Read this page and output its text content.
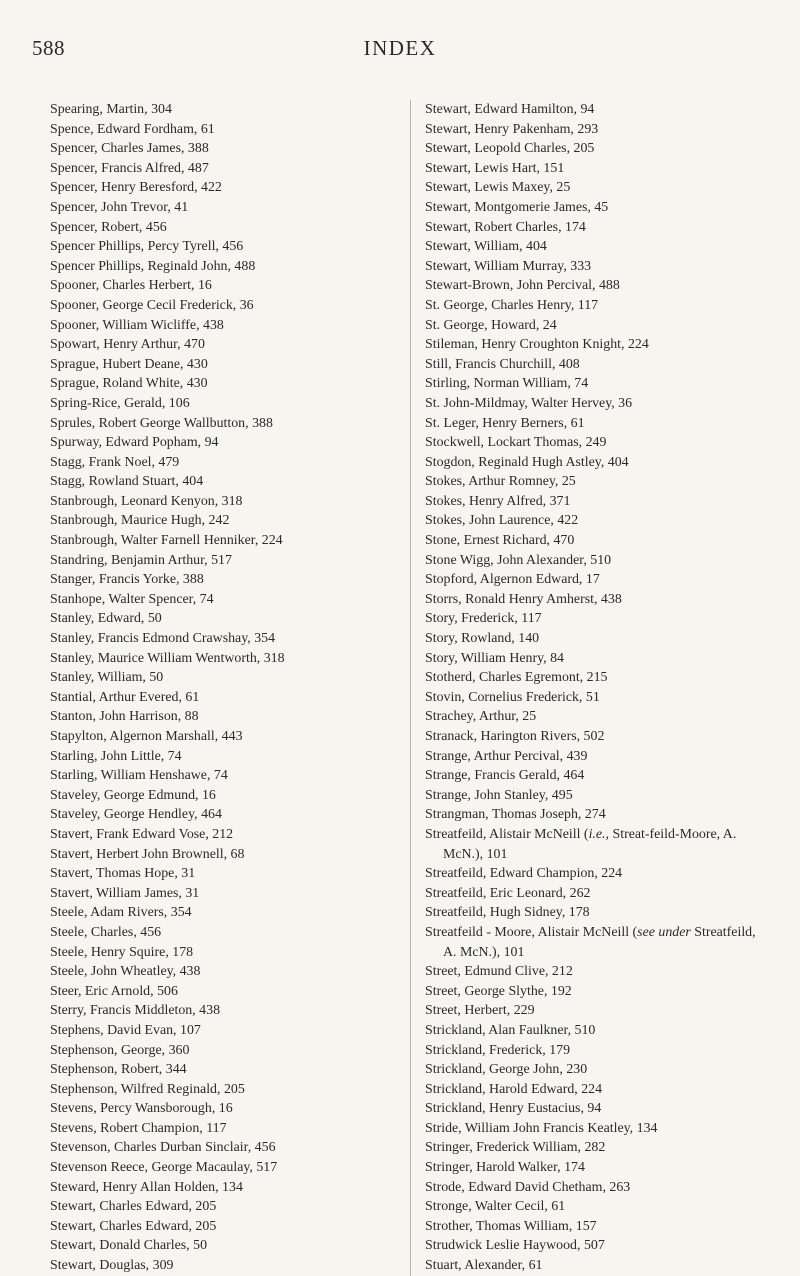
588	INDEX
Spearing, Martin, 304
Spence, Edward Fordham, 61
Spencer, Charles James, 388
Spencer, Francis Alfred, 487
Spencer, Henry Beresford, 422
Spencer, John Trevor, 41
Spencer, Robert, 456
Spencer Phillips, Percy Tyrell, 456
Spencer Phillips, Reginald John, 488
Spooner, Charles Herbert, 16
Spooner, George Cecil Frederick, 36
Spooner, William Wicliffe, 438
Spowart, Henry Arthur, 470
Sprague, Hubert Deane, 430
Sprague, Roland White, 430
Spring-Rice, Gerald, 106
Sprules, Robert George Wallbutton, 388
Spurway, Edward Popham, 94
Stagg, Frank Noel, 479
Stagg, Rowland Stuart, 404
Stanbrough, Leonard Kenyon, 318
Stanbrough, Maurice Hugh, 242
Stanbrough, Walter Farnell Henniker, 224
Standring, Benjamin Arthur, 517
Stanger, Francis Yorke, 388
Stanhope, Walter Spencer, 74
Stanley, Edward, 50
Stanley, Francis Edmond Crawshay, 354
Stanley, Maurice William Wentworth, 318
Stanley, William, 50
Stantial, Arthur Evered, 61
Stanton, John Harrison, 88
Stapylton, Algernon Marshall, 443
Starling, John Little, 74
Starling, William Henshawe, 74
Staveley, George Edmund, 16
Staveley, George Hendley, 464
Stavert, Frank Edward Vose, 212
Stavert, Herbert John Brownell, 68
Stavert, Thomas Hope, 31
Stavert, William James, 31
Steele, Adam Rivers, 354
Steele, Charles, 456
Steele, Henry Squire, 178
Steele, John Wheatley, 438
Steer, Eric Arnold, 506
Sterry, Francis Middleton, 438
Stephens, David Evan, 107
Stephenson, George, 360
Stephenson, Robert, 344
Stephenson, Wilfred Reginald, 205
Stevens, Percy Wansborough, 16
Stevens, Robert Champion, 117
Stevenson, Charles Durban Sinclair, 456
Stevenson Reece, George Macaulay, 517
Steward, Henry Allan Holden, 134
Stewart, Charles Edward, 205
Stewart, Charles Edward, 205
Stewart, Donald Charles, 50
Stewart, Douglas, 309
Stewart, Edward Hamilton, 94
Stewart, Henry Pakenham, 293
Stewart, Leopold Charles, 205
Stewart, Lewis Hart, 151
Stewart, Lewis Maxey, 25
Stewart, Montgomerie James, 45
Stewart, Robert Charles, 174
Stewart, William, 404
Stewart, William Murray, 333
Stewart-Brown, John Percival, 488
St. George, Charles Henry, 117
St. George, Howard, 24
Stileman, Henry Croughton Knight, 224
Still, Francis Churchill, 408
Stirling, Norman William, 74
St. John-Mildmay, Walter Hervey, 36
St. Leger, Henry Berners, 61
Stockwell, Lockart Thomas, 249
Stogdon, Reginald Hugh Astley, 404
Stokes, Arthur Romney, 25
Stokes, Henry Alfred, 371
Stokes, John Laurence, 422
Stone, Ernest Richard, 470
Stone Wigg, John Alexander, 510
Stopford, Algernon Edward, 17
Storrs, Ronald Henry Amherst, 438
Story, Frederick, 117
Story, Rowland, 140
Story, William Henry, 84
Stotherd, Charles Egremont, 215
Stovin, Cornelius Frederick, 51
Strachey, Arthur, 25
Stranack, Harington Rivers, 502
Strange, Arthur Percival, 439
Strange, Francis Gerald, 464
Strange, John Stanley, 495
Strangman, Thomas Joseph, 274
Streatfeild, Alistair McNeill (i.e., Streat-feild-Moore, A. McN.), 101
Streatfeild, Edward Champion, 224
Streatfeild, Eric Leonard, 262
Streatfeild, Hugh Sidney, 178
Streatfeild - Moore, Alistair McNeill (see under Streatfeild, A. McN.), 101
Street, Edmund Clive, 212
Street, George Slythe, 192
Street, Herbert, 229
Strickland, Alan Faulkner, 510
Strickland, Frederick, 179
Strickland, George John, 230
Strickland, Harold Edward, 224
Strickland, Henry Eustacius, 94
Stride, William John Francis Keatley, 134
Stringer, Frederick William, 282
Stringer, Harold Walker, 174
Strode, Edward David Chetham, 263
Stronge, Walter Cecil, 61
Strother, Thomas William, 157
Strudwick Leslie Haywood, 507
Stuart, Alexander, 61
